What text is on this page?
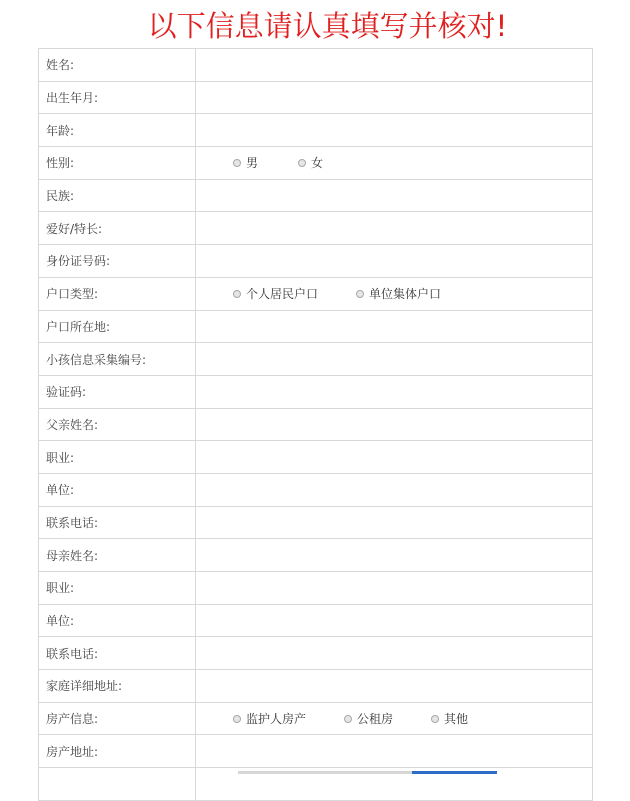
以下信息请认真填写并核对!
姓名:	

出生年月:	

年龄:	

性别:	男 女

民族:	

爱好/特长:	

身份证号码:	

户口类型:	个人居民户口 单位集体户口

户口所在地:	

小孩信息采集编号:	

验证码:	

父亲姓名:	

职业:	

单位:	

联系电话:	

母亲姓名:	

职业:	

单位:	

联系电话:	

家庭详细地址:	

房产信息:	监护人房产 公租房 其他

房产地址:	
